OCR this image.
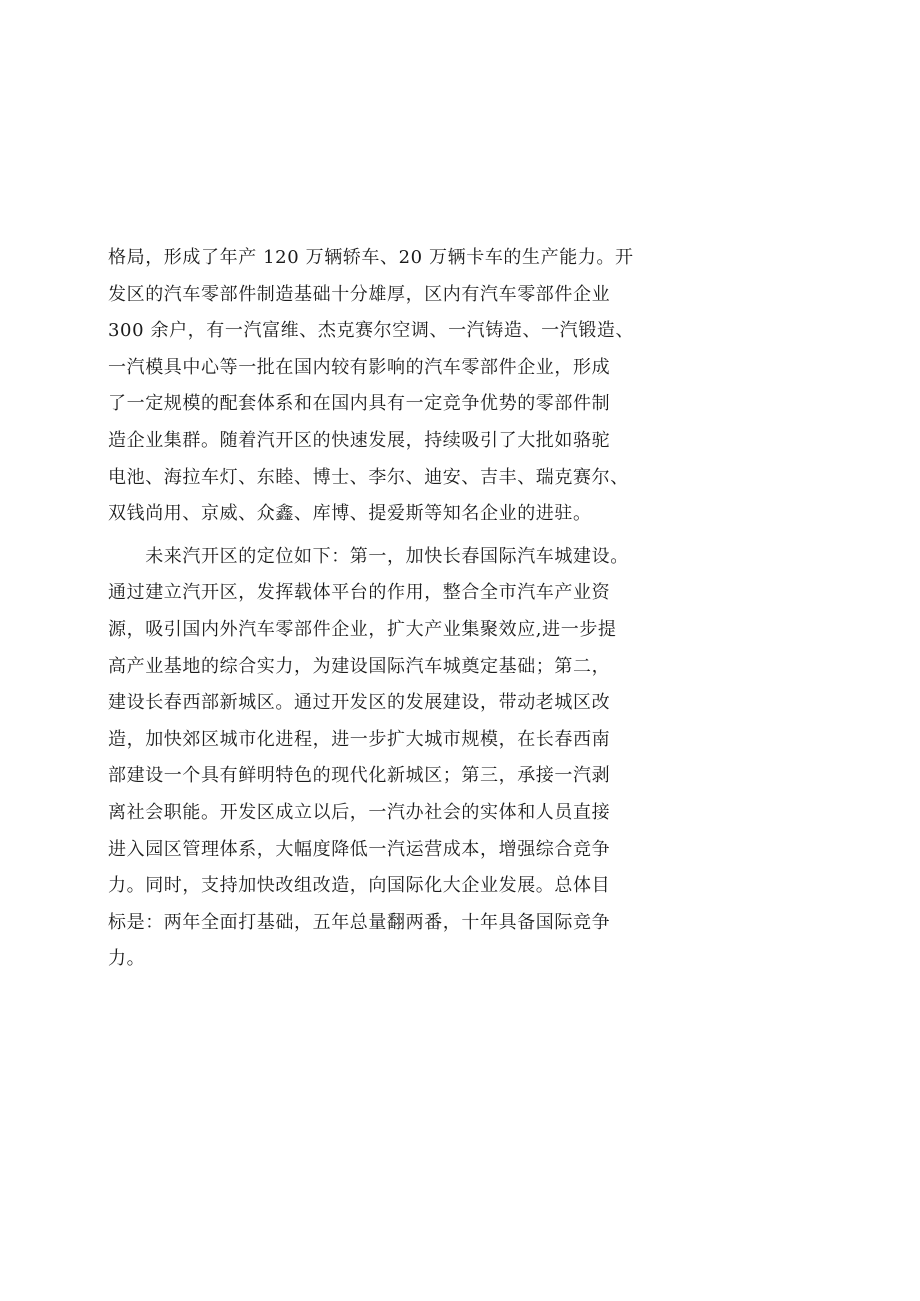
格局，形成了年产 120 万辆轿车、20 万辆卡车的生产能力。开
发区的汽车零部件制造基础十分雄厚，区内有汽车零部件企业
300 余户，有一汽富维、杰克赛尔空调、一汽铸造、一汽锻造、
一汽模具中心等一批在国内较有影响的汽车零部件企业，形成
了一定规模的配套体系和在国内具有一定竞争优势的零部件制
造企业集群。随着汽开区的快速发展，持续吸引了大批如骆驼
电池、海拉车灯、东睦、博士、李尔、迪安、吉丰、瑞克赛尔、
双钱尚用、京威、众鑫、库博、提爱斯等知名企业的进驻。
　　未来汽开区的定位如下：第一，加快长春国际汽车城建设。
通过建立汽开区，发挥载体平台的作用，整合全市汽车产业资
源，吸引国内外汽车零部件企业，扩大产业集聚效应,进一步提
高产业基地的综合实力，为建设国际汽车城奠定基础；第二，
建设长春西部新城区。通过开发区的发展建设，带动老城区改
造，加快郊区城市化进程，进一步扩大城市规模，在长春西南
部建设一个具有鲜明特色的现代化新城区；第三，承接一汽剥
离社会职能。开发区成立以后，一汽办社会的实体和人员直接
进入园区管理体系，大幅度降低一汽运营成本，增强综合竞争
力。同时，支持加快改组改造，向国际化大企业发展。总体目
标是：两年全面打基础，五年总量翻两番，十年具备国际竞争
力。
